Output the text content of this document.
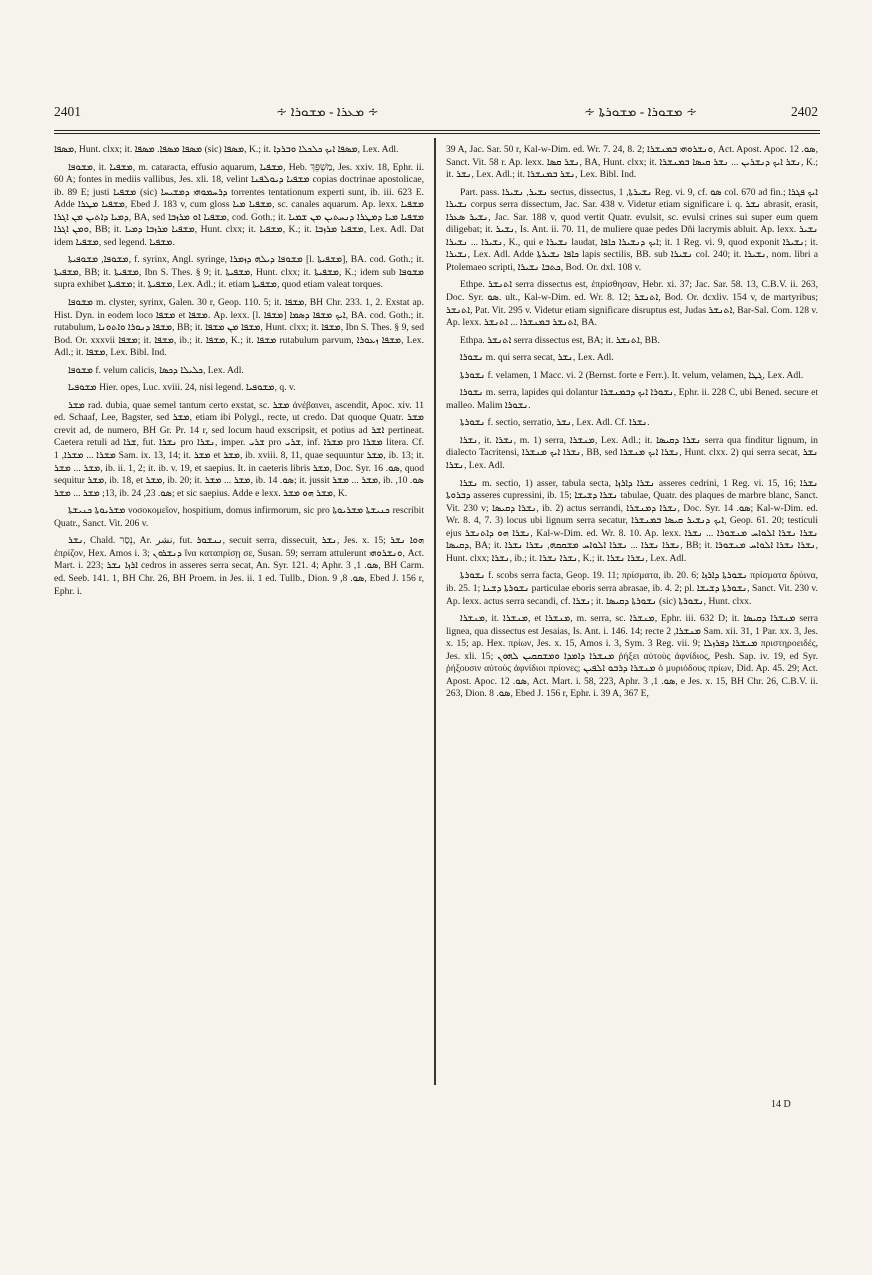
2401	∻ ܡܥܪܐ - ܡܫܘܪܐ ∻	∻ ܡܫܘܪܐ - ܡܫܘܪܬܐ ∻	2402

ܡܣܦܐ, Hunt. clxx; it. ܡܣܦܐ ܡܣܦܐ. ܡܣܦܐ (sic) ܡܣܦܐ, K.; it. ܡܣܦܐ ܐܝܟ ܟܠܟܠܐ ܘܒܪܕܐ, Lex. Adl.

ܡܫܘܦܐ, it. ܡܫܦܝܐ, m. cataracta, effusio aquarum, ܡܫܦܝܐ, Heb. מַשְׁפֵּךְ, Jes. xxiv. 18, Ephr. ii. 60 A; fontes in mediis vallibus, Jes. xli. 18, velint ܡܫܦܝܐ ܕܝܘܠܦܢܐ copias doctrinae apostolicae, ib. 89 E; justi ܡܫܦܝܐ (sic) ܕܪܚܡܘܗܝ ܕܡܫܝܚܐ torrentes tentationum experti sunt, ib. iii. 623 E. Adde ܡܫܦܝܐ ܡܛܪܐ, Ebed J. 183 v, cum gloss ܡܫܦܝܐ ܡܝܐ, sc. canales aquarum. Ap. lexx. ܡܫܦܝܐ ܕܡܝܐ ܕܐܬܝܢ ܡܢ ܐܓܪܐ, BA, sed ܡܫܦܝܐ ܐܘ ܡܪܙܒܐ, cod. Goth.; it. ܡܫܦܝܐ ܡܝܐ ܕܡܛܪܐ ܕܢܚܬܝܢ ܡܢ ܫܡܝܐ ܘܡܢ ܐܓܪܐ, BB; it. ܡܫܦܝܐ ܡܪܙܒܐ ܕܡܝܐ, Hunt. clxx; it. ܡܫܦܝܐ, K.; it. ܡܫܦܝܐ ܡܪܙܒܐ, Lex. Adl. Dat idem ܡܫܦܝܐ, sed legend. ܡܫܦܝܐ.

ܡܫܘܦܐ, ܡܫܘܦܝܬܐ, f. syrinx, Angl. syringe, ܡܫܘܦܐ ܕܝܠܗ ܕܙܡܪܐ [l. ܡܫܦܝܬܐ], BA. cod. Goth.; it. ܡܫܦܝܬܐ, BB; it. ܡܫܦܝܬܐ, Ibn S. Thes. § 9; it. ܡܫܦܝܬܐ, Hunt. clxx; it. ܡܫܦܝܬܐ, K.; idem sub ܡܫܘܦܐ supra exhibet ܡܫܦܝܬܐ; it. ܡܫܦܝܬܐ, Lex. Adl.; it. etiam ܡܫܦܝܬܐ, quod etiam valeat torques.

ܡܫܘܦܐ m. clyster, syrinx, Galen. 30 r, Geop. 110. 5; it. ܡܫܦܐ, BH Chr. 233. 1, 2. Exstat ap. Hist. Dyn. in eodem loco ܡܫܦܐ et ܡܫܦܐ. Ap. lexx. [l. ܡܫܦܐ] ܐܝܟ ܡܫܦܐ ܕܣܡܐ, BA. cod. Goth.; it. rutabulum, ܡܫܦܐ ܕܢܘܪܐ ܘܐܬܘܢܐ, BB; it. ܡܫܦܐ ܡܢ ܡܫܦܐ, Hunt. clxx; it. ܡܫܦܐ, Ibn S. Thes. § 9, sed Bod. Or. xxxvii ܡܫܦܐ; it. ܡܫܦܐ, ib.; it. ܡܫܦܐ, K.; it. ܡܫܦܐ rutabulum parvum, ܡܫܦܐ ܙܥܘܪܐ, Lex. Adl.; it. ܡܫܦܐ, Lex. Bibl. Ind.

ܡܫܘܦܐ f. velum calicis, ܟܠܝܠܐ ܕܟܣܐ, Lex. Adl.

ܡܫܘܦܝܐ Hier. opes, Luc. xviii. 24, nisi legend. ܡܫܘܦܝܐ, q. v.

ܡܫܪ rad. dubia, quae semel tantum certo exstat, sc. ܡܫܪ ἀνέβαινει, ascendit, Apoc. xiv. 11 ed. Schaaf, Lee, Bagster, sed ܡܫܪ, etiam ibi Polygl., recte, ut credo. Dat quoque Quatr. ܡܫܪ crevit ad, de numero, BH Gr. Pr. 14 r, sed locum haud exscripsit, et potius ad ܐܫܪ pertineat. Caetera retuli ad ܫܪܐ, fut. ܢܫܪܐ pro ܢܫܪܐ, imper. ܫܪܝ pro ܫܪܝ, inf. ܡܫܪܐ pro ܡܫܪܐ litera. Cf. ܡܫܪܐ ... ܡܫܪܐ, 1 Sam. ix. 13, 14; it. ܡܫܪ et ܡܫܪ, ib. xviii. 8, 11, quae sequuntur ܡܫܪ, ib. 13; it. ܡܫܪ ... ܡܫܪ, ib. ii. 1, 2; it. ib. v. 19, et saepius. It. in caeteris libris ܡܫܪ, Doc. Syr. ܣܘ. 16, quod sequitur ܡܫܪ, ib. 18, et ܡܫܪ, ib. 20; it. ܡܫܪ ... ܡܫܪ, ib. ܣܘ. 14; it. jussit ܡܫܪ ... ܡܫܪ, ib. ܣܘ. 10, 13; ܡܫܪ ... ܡܫܪ, ib. ܣܘ. 23, 24; et sic saepius. Adde e lexx. ܡܫܪ ܗܘ ܡܫܪ, K.

ܡܫܪܝܘܬܐ ܟܢܝܫܬܐ νοσοκομεῖον, hospitium, domus infirmorum, sic pro ܟܢܝܫܬܐ ܡܫܪܝܘܬܐ rescribit Quatr., Sanct. Vit. 206 v.

ܢܫܪ, Chald. נְסַר, Ar. نشر, fut. ܢܢܫܘܪ, secuit serra, dissecuit, ܢܫܪ, Jes. x. 15; ܗܘܐ ܢܫܪ ἐπρίζον, Hex. Amos i. 3; ܕܢܫܪܘܢ ἵνα καταπρίσῃ σε, Susan. 59; serram attulerunt ܘܢܫܪܘܗܝ, Act. Mart. i. 223; ܐܪܙܐ ܢܫܪ cedros in asseres serra secat, An. Syr. 121. 4; Aphr. ܣܘ. 1, 3, BH Carm. ed. Seeb. 141. 1, BH Chr. 26, BH Proem. in Jes. ii. 1 ed. Tullb., Dion. ܣܘ. 8, 9, Ebed J. 156 r, Ephr. i.

39 A, Jac. Sar. 50 r, Kal-w-Dim. ed. Wr. 7. 24, 8. 2; ܘܢܫܪܘܗܝ ܒܡܢܫܪܐ, Act. Apost. Apoc. ܣܘ. 12, Sanct. Vit. 58 r. Ap. lexx. ܢܫܪ ܩܣܐ, BA, Hunt. clxx; it. ܢܫܪ ܐܝܟ ܕܢܫܪܝܢ ... ܢܫܪ ܩܝܣܐ ܒܡܢܫܪܐ, K.; it. ܢܫܪ, Lex. Adl.; it. ܢܫܪ ܒܡܢܫܪܐ, Lex. Bibl. Ind.

Part. pass. ܢܫܝܪ, ܢܫܝܪܐ sectus, dissectus, ܢܫܝܪܬܐ, 1 Reg. vi. 9, cf. ܣܘ col. 670 ad fin.; ܐܝܟ ܦܓܪܐ ܢܫܝܪܐ corpus serra dissectum, Jac. Sar. 438 v. Videtur etiam significare i. q. ܢܫܪ abrasit, erasit, ܢܫܝܪ ܣܥܪܐ, Jac. Sar. 188 v, quod vertit Quatr. evulsit, sc. evulsi crines sui super eum quem diligebat; it. ܢܫܝܪ, Is. Ant. ii. 70. 11, de muliere quae pedes Dñi lacrymis abluit. Ap. lexx. ܢܫܝܪ ܢܫܝܪܐ ... ܢܫܝܪܐ, K., qui e ܢܫܝܪܐ laudat, ܐܝܟ ܕܢܫܝܪܐ ܟܐܦܐ; it. 1 Reg. vi. 9, quod exponit ܢܫܝܪܐ; it. ܢܫܝܪܐ, Lex. Adl. Adde ܟܐܦܐ ܢܫܝܪܬܐ lapis sectilis, BB. sub ܢܫܝܪܐ col. 240; it. ܢܫܝܪܐ, nom. libri a Ptolemaeo scripti, ܟܬܒܐ ܢܫܝܪܐ, Bod. Or. dxl. 108 v.

Ethpe. ܐܬܢܫܪ serra dissectus est, ἐπρίσθησαν, Hebr. xi. 37; Jac. Sar. 58. 13, C.B.V. ii. 263, Doc. Syr. ܣܘ. ult., Kal-w-Dim. ed. Wr. 8. 12; ܐܬܢܫܪ, Bod. Or. dcxliv. 154 v, de martyribus; ܐܬܢܫܪ, Pat. Vit. 295 v. Videtur etiam significare disruptus est, Judas ܐܬܢܫܪ, Bar-Sal. Com. 128 v. Ap. lexx. ܐܬܢܫܪ ܒܡܢܫܪܐ ... ܐܬܢܫܪ, BA.

Ethpa. ܐܬܢܫܪ serra dissectus est, BA; it. ܐܬܢܫܪ, BB.

ܢܫܘܪܐ m. qui serra secat, ܢܫܪ, Lex. Adl.

ܢܫܘܪܬܐ f. velamen, 1 Macc. vi. 2 (Bernst. forte e Ferr.). It. velum, velamen, ܓܛܐ, Lex. Adl.

ܢܫܘܪܐ m. serra, lapides qui dolantur ܢܫܘܪܐ ܐܝܟ ܕܒܡܢܫܪܐ, Ephr. ii. 228 C, ubi Bened. secure et malleo. Malim ܢܫܘܪܐ.

ܢܫܘܪܬܐ f. sectio, serratio, ܢܫܪ, Lex. Adl. Cf. ܢܫܪܐ.

ܢܫܪܐ, it. ܢܫܪܐ, m. 1) serra, ܡܢܫܪܐ, Lex. Adl.; it. ܢܫܪܐ ܕܩܝܣܐ serra qua finditur lignum, in dialecto Tacritensi, ܢܫܪܐ ܐܝܟ ܡܢܫܪܐ, BB, sed ܢܫܪܐ ܐܝܟ ܡܢܫܪܐ, Hunt. clxx. 2) qui serra secat, ܢܫܪ ܢܫܪܐ, Lex. Adl.

ܢܫܪܐ m. sectio, 1) asser, tabula secta, ܢܫܪܐ ܕܐܪܙܐ asseres cedrini, 1 Reg. vi. 15, 16; ܢܫܪܐ ܕܒܪܘܬܐ asseres cupressini, ib. 15; ܢܫܪܐ ܕܫܝܫܐ tabulae, Quatr. des plaques de marbre blanc, Sanct. Vit. 230 v; ܢܫܪܐ ܕܩܝܣܐ, ib. 2) actus serrandi, ܢܫܪܐ ܕܡܢܫܪܐ, Doc. Syr. ܣܘ. 14; Kal-w-Dim. ed. Wr. 8. 4, 7. 3) locus ubi lignum serra secatur, ܐܝܟ ܕܢܫܝܪ ܩܝܣܐ ܒܡܢܫܪܐ, Geop. 61. 20; testiculi ejus ܢܫܪܐ ܗܘ ܕܐܬܢܫܪ, Kal-w-Dim. ed. Wr. 8. 10. Ap. lexx. ܢܫܪܐ ܢܫܪܐ ܐܠܘܐܚ ܡܢܫܘܪܐ ... ܢܫܪܐ ܕܩܝܣܐ, BA; it. ܢܫܪܐ ܢܫܪܐ ... ܢܫܪܐ ܐܠܘܐܚ ܡܫܩܩܗ, ܢܫܪܐ ܢܫܪܐ, BB; it. ܢܫܪܐ ܢܫܪܐ ܐܠܘܐܚ ܡܢܫܘܪܐ, Hunt. clxx; ܢܫܪܐ, ib.; it. ܢܫܪܐ ܢܫܪܐ, K.; it. ܢܫܪܐ ܢܫܪܐ, Lex. Adl.

ܢܫܘܪܬܐ f. scobs serra facta, Geop. 19. 11; πρίσματα, ib. 20. 6; ܢܫܘܪܬܐ ܕܐܪܙܐ πρίσματα δρύινα, ib. 25. 1; ܢܫܘܪܬܐ ܕܫܢܐ particulae eboris serra abrasae, ib. 4. 2; pl. ܢܫܘܪܬܐ ܕܫܝܫܐ, Sanct. Vit. 230 v. Ap. lexx. actus serra secandi, cf. ܢܫܪܐ; it. ܢܫܘܪܬܐ ܕܩܝܣܐ (sic) ܢܫܘܪܬܐ, Hunt. clxx.

ܡܢܫܪܐ, it. ܡܢܫܪܐ, et ܡܢܫܪܐ, m. serra, sc. ܡܢܫܪܐ, Ephr. iii. 632 D; it. ܡܢܫܪܐ ܕܩܝܣܐ serra lignea, qua dissectus est Jesaias, Is. Ant. i. 146. 14; recte ܡܢܫܪܐ, 2 Sam. xii. 31, 1 Par. xx. 3, Jes. x. 15; ap. Hex. πρίων, Jes. x. 15, Amos i. 3, Sym. 3 Reg. vii. 9; ܡܢܫܪܐ ܕܦܪܙܠܐ πριστηροειδές, Jes. xli. 15; ܡܢܫܪܐ ܕܐܡܕܐ ܘܡܫܩܩܝܢ ܠܗܘܢ ῥήξει αὐτοὺς ἀφνίδιος, Pesh. Sap. iv. 19, ed Syr. ῥήξουσιν αὐτοὺς ἀφνίδιοι πρίονες; ܡܢܫܪܐ ܕܪܒܘ ܐܠܦܝܢ ὁ μυριόδους πρίων, Did. Ap. 45. 29; Act. Apost. Apoc. ܣܘ. 12, Act. Mart. i. 58, 223, Aphr. ܣܘ. 1, 3, e Jes. x. 15, BH Chr. 26, C.B.V. ii. 263, Dion. ܣܘ. 8, Ebed J. 156 r, Ephr. i. 39 A, 367 E,

14 D
